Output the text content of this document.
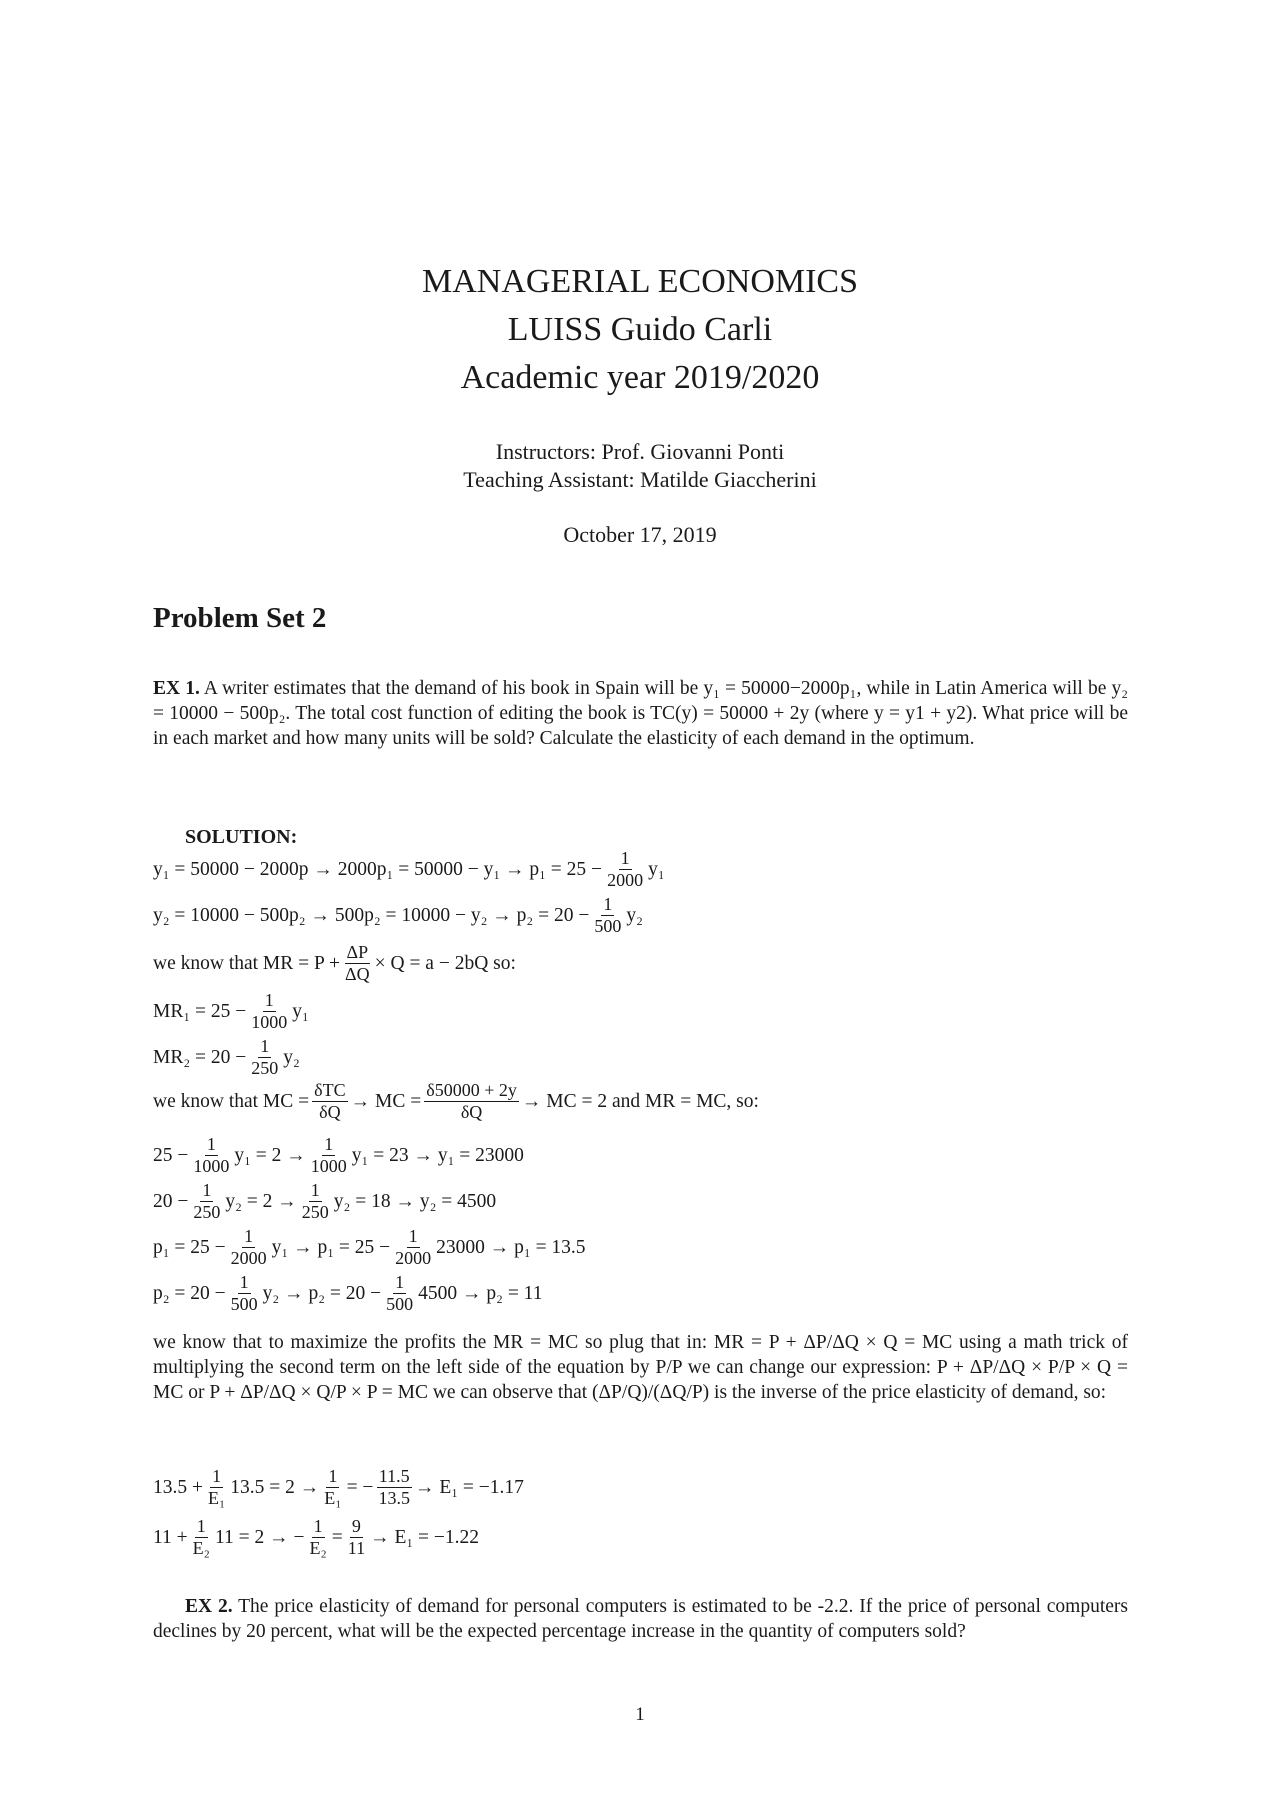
MANAGERIAL ECONOMICS
LUISS Guido Carli
Academic year 2019/2020
Instructors: Prof. Giovanni Ponti
Teaching Assistant: Matilde Giaccherini
October 17, 2019
Problem Set 2
EX 1. A writer estimates that the demand of his book in Spain will be y₁ = 50000−2000p₁, while in Latin America will be y₂ = 10000 − 500p₂. The total cost function of editing the book is TC(y) = 50000 + 2y (where y = y1 + y2). What price will be in each market and how many units will be sold? Calculate the elasticity of each demand in the optimum.
SOLUTION:
$y_1 = 50000 - 2000p \to 2000p_1 = 50000 - y_1 \to p_1 = 25 - \frac{1}{2000} y_1$
$y_2 = 10000 - 500p_2 \to 500p_2 = 10000 - y_2 \to p_2 = 20 - \frac{1}{500} y_2$
we know that MR = $P + \frac{\Delta P}{\Delta Q} \times Q = a - 2bQ$ so:
$MR_1 = 25 - \frac{1}{1000} y_1$
$MR_2 = 20 - \frac{1}{250} y_2$
we know that MC = $\frac{\text{δTC}}{\delta Q}$ → MC = $\frac{\delta 50000 + 2y}{\delta Q}$ → MC = 2 and MR = MC, so:
$25 - \frac{1}{1000} y_1 = 2 \to \frac{1}{1000} y_1 = 23 \to y_1 = 23000$
$20 - \frac{1}{250} y_2 = 2 \to \frac{1}{250} y_2 = 18 \to y_2 = 4500$
$p_1 = 25 - \frac{1}{2000} y_1 \to p_1 = 25 - \frac{1}{2000} 23000 \to p_1 = 13.5$
$p_2 = 20 - \frac{1}{500} y_2 \to p_2 = 20 - \frac{1}{500} 4500 \to p_2 = 11$
we know that to maximize the profits the MR = MC so plug that in: MR = P + ΔP/ΔQ × Q = MC using a math trick of multiplying the second term on the left side of the equation by P/P we can change our expression: P + ΔP/ΔQ × P/P × Q = MC or P + ΔP/ΔQ × Q/P × P = MC we can observe that (ΔP/Q)/(ΔQ/P) is the inverse of the price elasticity of demand, so:
$13.5 + \frac{1}{\text{E₁}} 13.5 = 2 \to \frac{1}{\text{E₁}}$ = − $\frac{11.5}{13.5} \to E_1 = -1.17$
$11 + \frac{1}{\text{E₂}} 11 = 2$ → − $\frac{1}{\text{E₂}} = \frac{9}{11} \to E_1 = -1.22$
EX 2. The price elasticity of demand for personal computers is estimated to be -2.2. If the price of personal computers declines by 20 percent, what will be the expected percentage increase in the quantity of computers sold?
1
